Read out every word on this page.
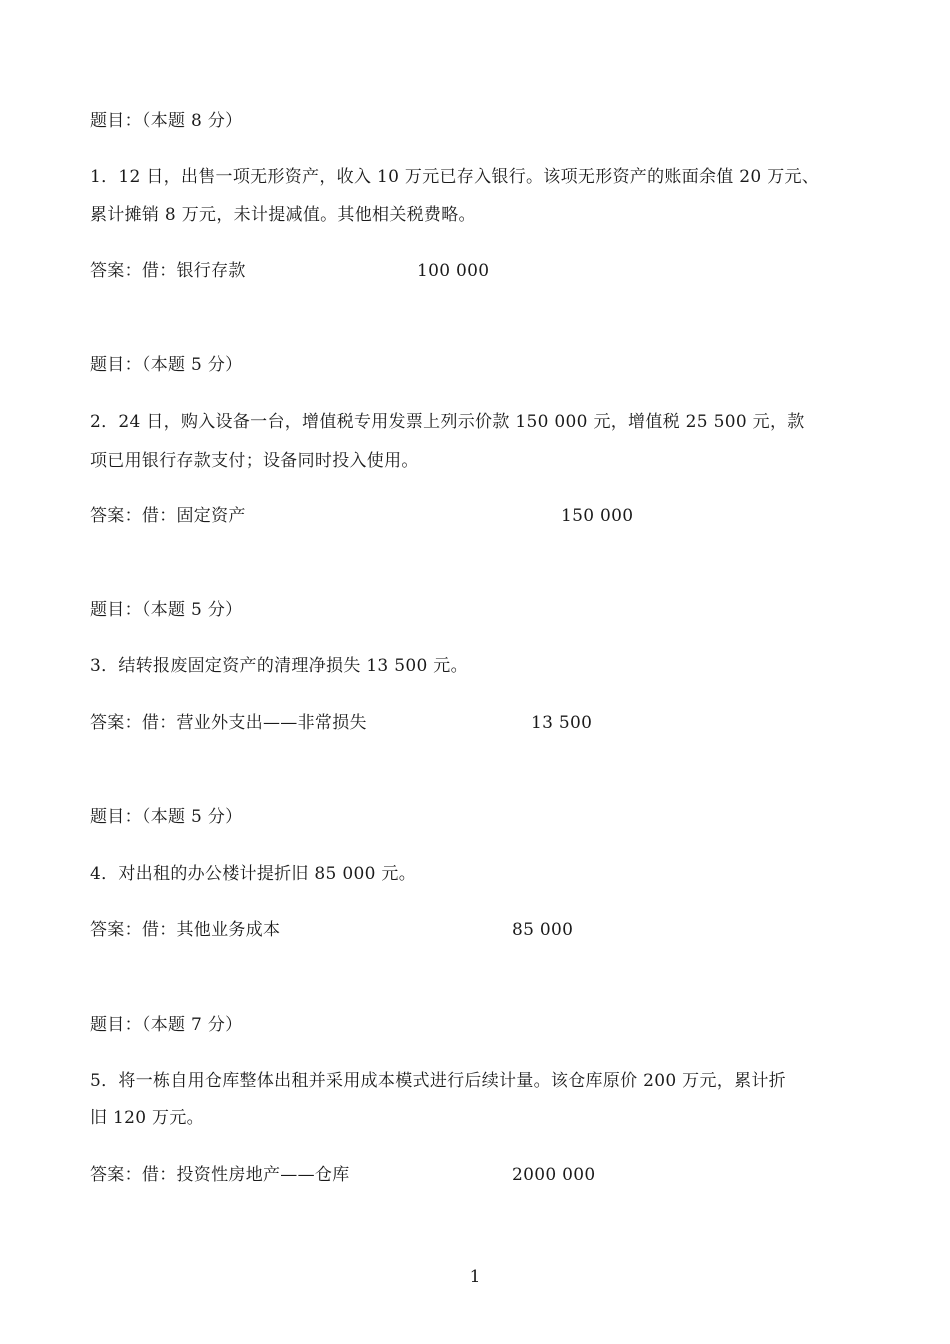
题目：（本题 8 分）
1．12 日，出售一项无形资产，收入 10 万元已存入银行。该项无形资产的账面余值 20 万元、
累计摊销 8 万元，未计提减值。其他相关税费略。
答案：借：银行存款	100 000
题目：（本题 5 分）
2．24 日，购入设备一台，增值税专用发票上列示价款 150 000 元，增值税 25 500 元，款
项已用银行存款支付；设备同时投入使用。
答案：借：固定资产	150 000
题目：（本题 5 分）
3．结转报废固定资产的清理净损失 13 500 元。
答案：借：营业外支出——非常损失	13 500
题目：（本题 5 分）
4．对出租的办公楼计提折旧 85 000 元。
答案：借：其他业务成本	85 000
题目：（本题 7 分）
5．将一栋自用仓库整体出租并采用成本模式进行后续计量。该仓库原价 200 万元，累计折
旧 120 万元。
答案：借：投资性房地产——仓库	2000 000
1
